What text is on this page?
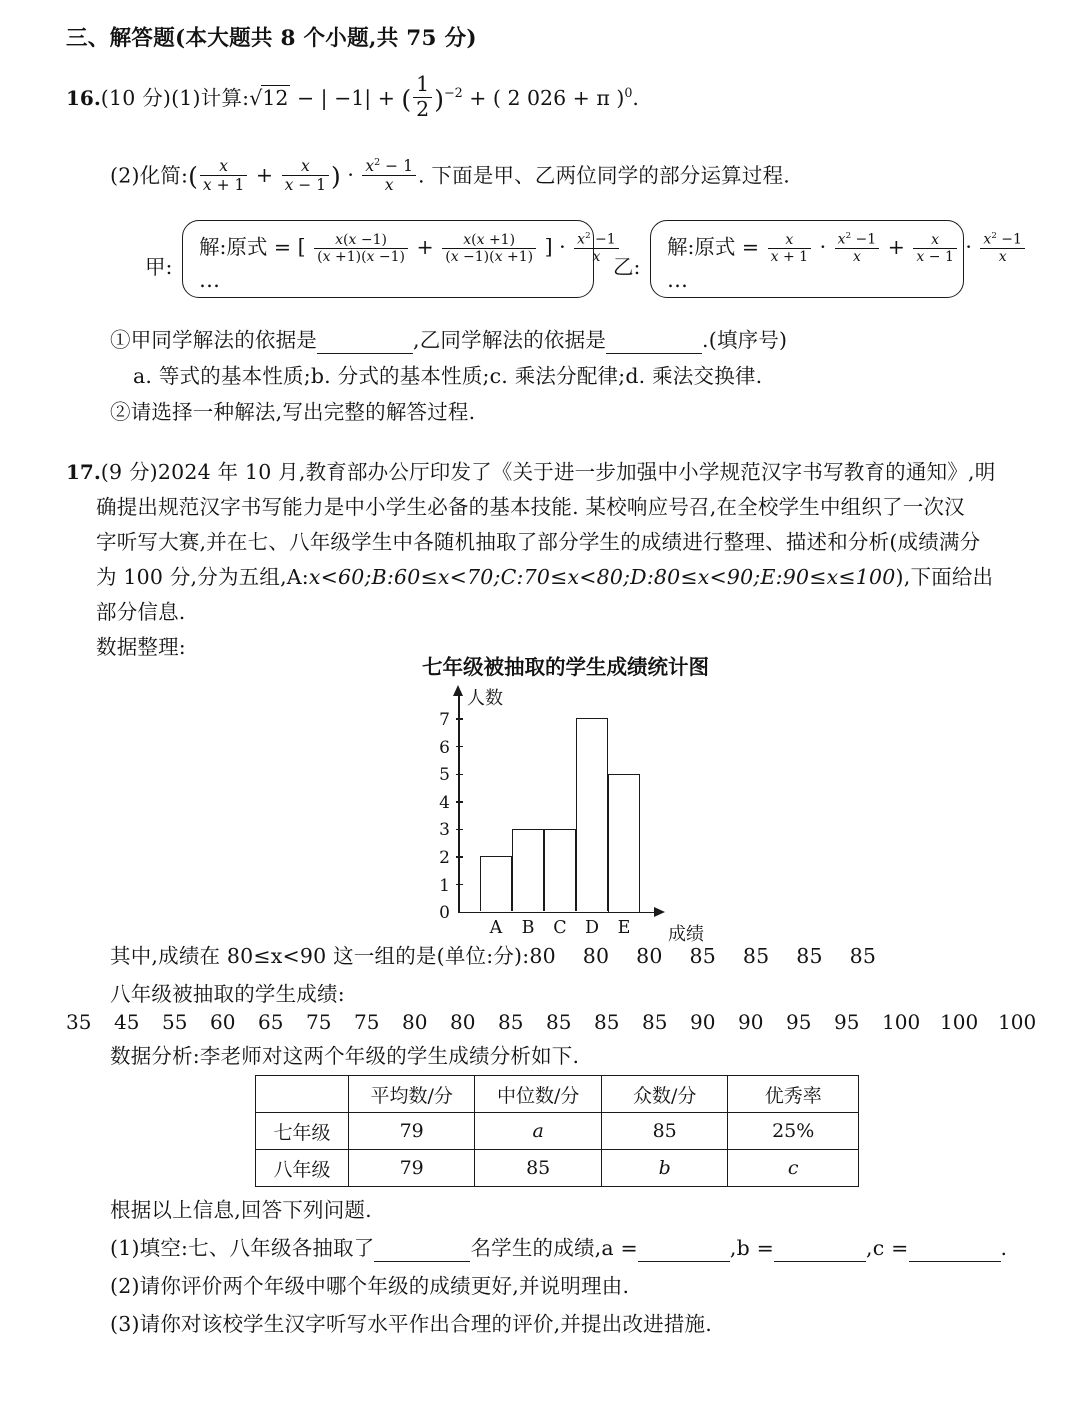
三、解答题(本大题共 8 个小题,共 75 分)
16.(10 分)(1)计算:√12 − | −1| + ( $\frac{1}{2} )^{-2}$ + ( 2 026 + π )$^0$.
(2)化简:( $\frac{x}{x + 1} + \frac{x}{x - 1}$ ) · $\frac{x^2 - 1}{x}$ . 下面是甲、乙两位同学的部分运算过程.
甲:
解:原式 = [ $\frac{x(x -1)}{(x +1)(x -1)} + \frac{x(x +1)}{(x -1)(x +1)}$ ] · $\frac{x^2 -1}{x}$
…
乙:
解:原式 = $\frac{x}{x + 1} \cdot \frac{x^2 -1}{x} + \frac{x}{x - 1} \cdot \frac{x^2 -1}{x}$
…
①甲同学解法的依据是	,乙同学解法的依据是	.(填序号)
a. 等式的基本性质;b. 分式的基本性质;c. 乘法分配律;d. 乘法交换律.
②请选择一种解法,写出完整的解答过程.
17.(9 分)2024 年 10 月,教育部办公厅印发了《关于进一步加强中小学规范汉字书写教育的通知》,明
确提出规范汉字书写能力是中小学生必备的基本技能. 某校响应号召,在全校学生中组织了一次汉
字听写大赛,并在七、八年级学生中各随机抽取了部分学生的成绩进行整理、描述和分析(成绩满分
为 100 分,分为五组,A:x<60;B:60≤x<70;C:70≤x<80;D:80≤x<90;E:90≤x≤100),下面给出
部分信息.
数据整理:
七年级被抽取的学生成绩统计图
人数
成绩
7
6
5
4
3
2
1
0
A B C D E
其中,成绩在 80≤x<90 这一组的是(单位:分):80 80 80 85 85 85 85
八年级被抽取的学生成绩:
35 45 55 60 65 75 75 80 80 85 85 85 85 90 90 95 95 100 100 100
数据分析:李老师对这两个年级的学生成绩分析如下.
	平均数/分	中位数/分	众数/分	优秀率
七年级	79	a	85	25%
八年级	79	85	b	c
根据以上信息,回答下列问题.
(1)填空:七、八年级各抽取了	名学生的成绩,a =	,b =	,c =	.
(2)请你评价两个年级中哪个年级的成绩更好,并说明理由.
(3)请你对该校学生汉字听写水平作出合理的评价,并提出改进措施.
